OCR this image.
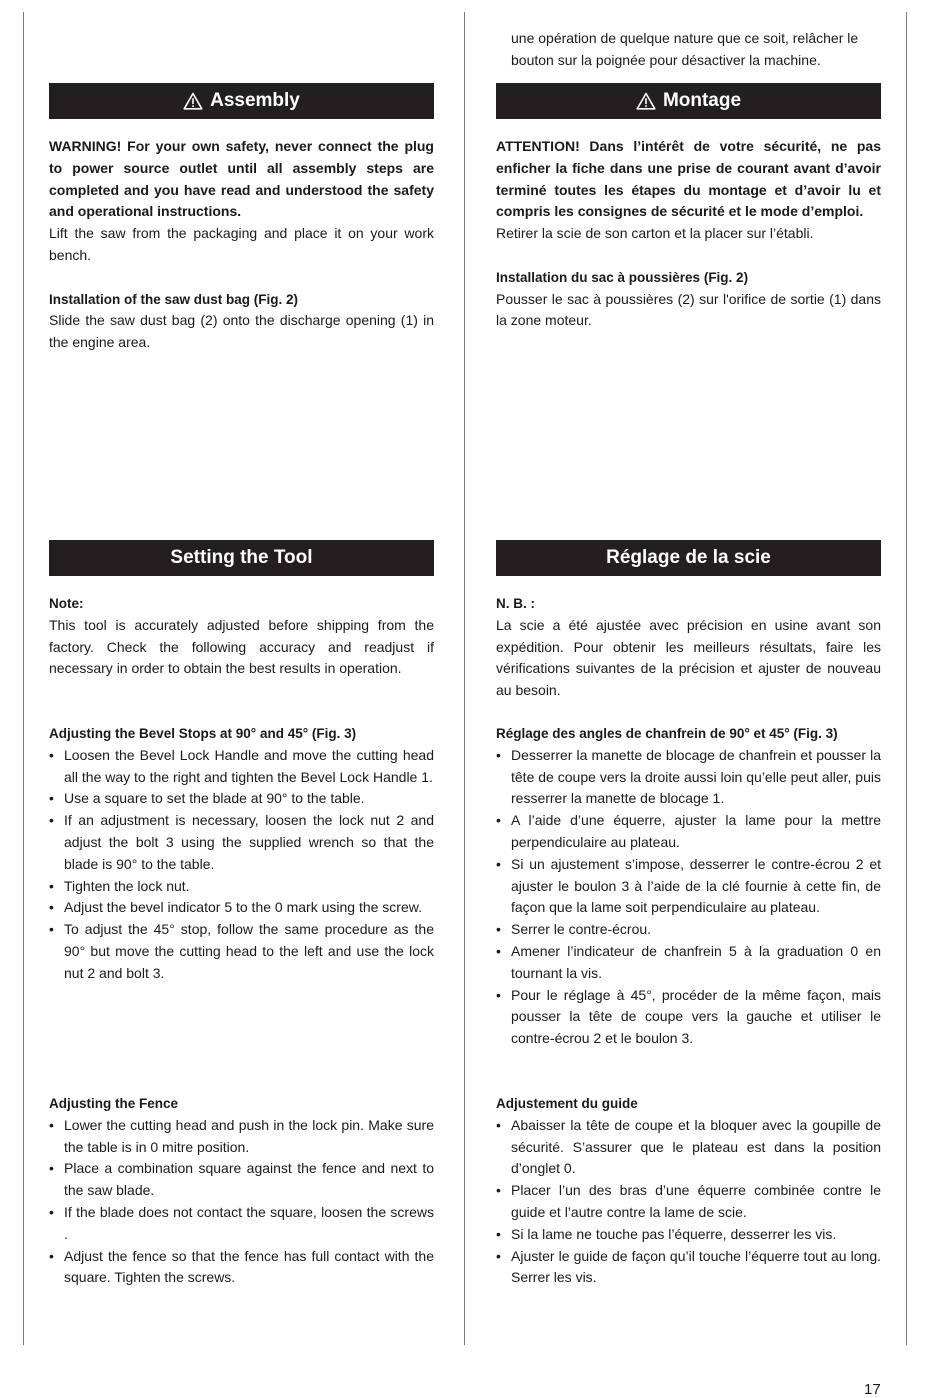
une opération de quelque nature que ce soit, relâcher le bouton sur la poignée pour désactiver la machine.

Assembly

WARNING! For your own safety, never connect the plug to power source outlet until all assembly steps are completed and you have read and understood the safety and operational instructions.

Lift the saw from the packaging and place it on your work bench.

Installation of the saw dust bag (Fig. 2)

Slide the saw dust bag (2) onto the discharge opening (1) in the engine area.

Montage

ATTENTION! Dans l’intérêt de votre sécurité, ne pas enficher la fiche dans une prise de courant avant d’avoir terminé toutes les étapes du montage et d’avoir lu et compris les consignes de sécurité et le mode d’emploi.

Retirer la scie de son carton et la placer sur l’établi.

Installation du sac à poussières (Fig. 2)

Pousser le sac à poussières (2) sur l'orifice de sortie (1) dans la zone moteur.

Setting the Tool

Note:

This tool is accurately adjusted before shipping from the factory. Check the following accuracy and readjust if necessary in order to obtain the best results in operation.

Adjusting the Bevel Stops at 90° and 45° (Fig. 3)

• Loosen the Bevel Lock Handle and move the cutting head all the way to the right and tighten the Bevel Lock Handle 1.
• Use a square to set the blade at 90° to the table.
• If an adjustment is necessary, loosen the lock nut 2 and adjust the bolt 3 using the supplied wrench so that the blade is 90° to the table.
• Tighten the lock nut.
• Adjust the bevel indicator 5 to the 0 mark using the screw.
• To adjust the 45° stop, follow the same procedure as the 90° but move the cutting head to the left and use the lock nut 2 and bolt 3.

Adjusting the Fence

• Lower the cutting head and push in the lock pin. Make sure the table is in 0 mitre position.
• Place a combination square against the fence and next to the saw blade.
• If the blade does not contact the square, loosen the screws .
• Adjust the fence so that the fence has full contact with the square. Tighten the screws.
Réglage de la scie

N. B. :

La scie a été ajustée avec précision en usine avant son expédition. Pour obtenir les meilleurs résultats, faire les vérifications suivantes de la précision et ajuster de nouveau au besoin.

Réglage des angles de chanfrein de 90° et 45° (Fig. 3)

• Desserrer la manette de blocage de chanfrein et pousser la tête de coupe vers la droite aussi loin qu’elle peut aller, puis resserrer la manette de blocage 1.
• A l’aide d’une équerre, ajuster la lame pour la mettre perpendiculaire au plateau.
• Si un ajustement s’impose, desserrer le contre-écrou 2 et ajuster le boulon 3 à l’aide de la clé fournie à cette fin, de façon que la lame soit perpendiculaire au plateau.
• Serrer le contre-écrou.
• Amener l’indicateur de chanfrein 5 à la graduation 0 en tournant la vis.
• Pour le réglage à 45°, procéder de la même façon, mais pousser la tête de coupe vers la gauche et utiliser le contre-écrou 2 et le boulon 3.

Adjustement du guide

• Abaisser la tête de coupe et la bloquer avec la goupille de sécurité. S’assurer que le plateau est dans la position d’onglet 0.
• Placer l’un des bras d’une équerre combinée contre le guide et l’autre contre la lame de scie.
• Si la lame ne touche pas l’équerre, desserrer les vis.
• Ajuster le guide de façon qu’il touche l’équerre tout au long. Serrer les vis.
17
